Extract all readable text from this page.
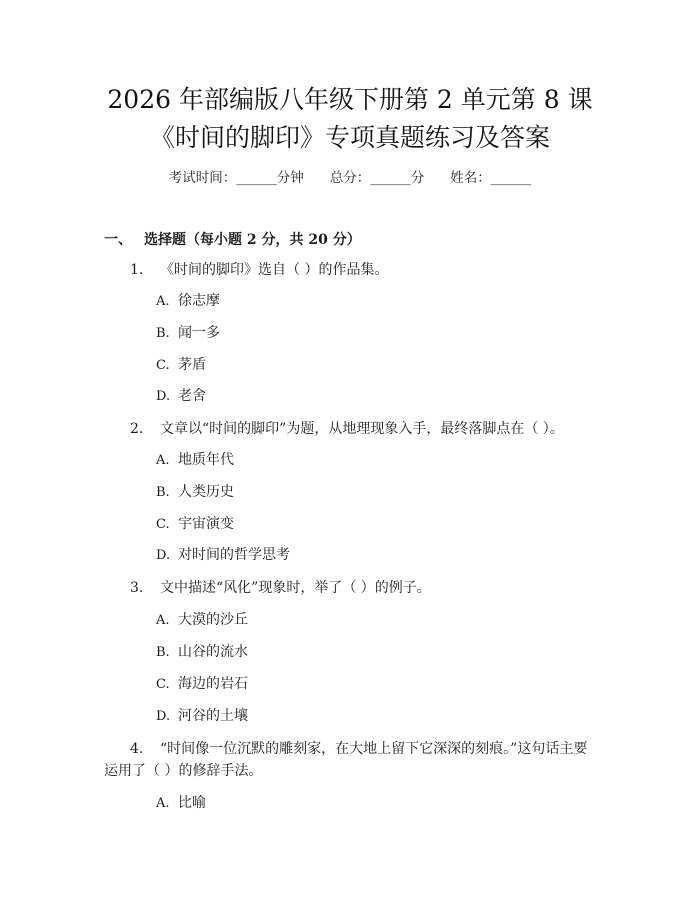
2026 年部编版八年级下册第 2 单元第 8 课
《时间的脚印》专项真题练习及答案
考试时间：______分钟 总分：______分 姓名：______
一、 选择题（每小题 2 分，共 20 分）
1. 《时间的脚印》选自（ ）的作品集。
A. 徐志摩
B. 闻一多
C. 茅盾
D. 老舍
2. 文章以“时间的脚印”为题，从地理现象入手，最终落脚点在（ ）。
A. 地质年代
B. 人类历史
C. 宇宙演变
D. 对时间的哲学思考
3. 文中描述“风化”现象时，举了（ ）的例子。
A. 大漠的沙丘
B. 山谷的流水
C. 海边的岩石
D. 河谷的土壤
4. “时间像一位沉默的雕刻家，在大地上留下它深深的刻痕。”这句话主要
运用了（ ）的修辞手法。
A. 比喻
